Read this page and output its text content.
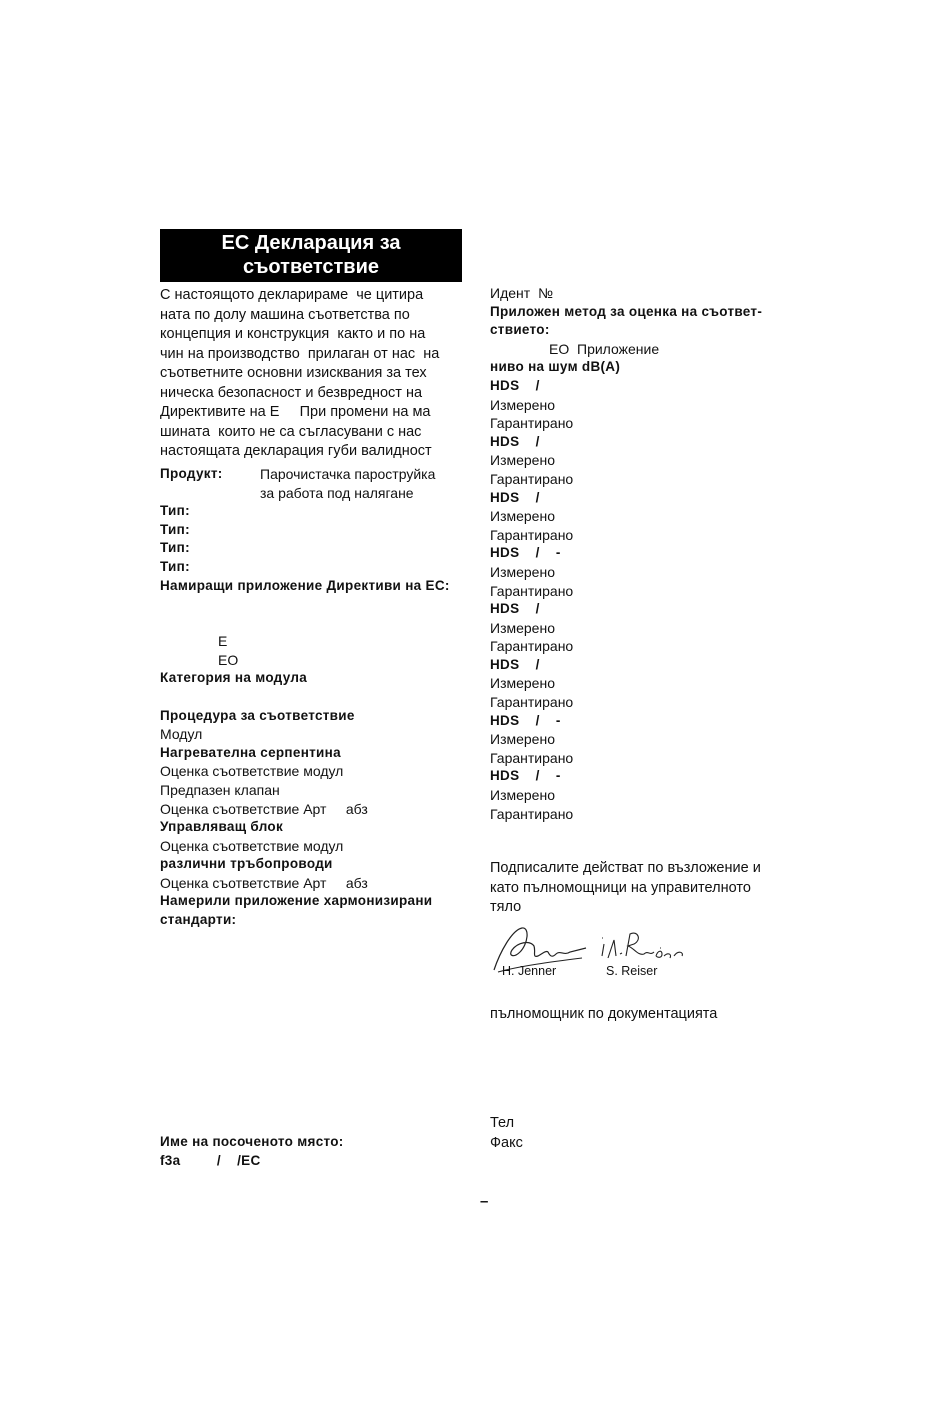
ЕС Декларация за
съответствие
С настоящото декларираме  че цитира
ната по долу машина съответства по
концепция и конструкция  както и по на
чин на производство  прилаган от нас  на
съответните основни изисквания за тех
ническа безопасност и безвредност на
Директивите на Е     При промени на ма
шината  които не са съгласувани с нас
настоящата декларация губи валидност
Продукт:	Парочистачка пароструйка
за работа под налягане
Тип:
Тип:
Тип:
Тип:
Намиращи приложение Директиви на ЕС:
Е
ЕО
Категория на модула
Процедура за съответствие
Модул
Нагревателна серпентина
Оценка съответствие модул
Предпазен клапан
Оценка съответствие Арт     абз
Управляващ блок
Оценка съответствие модул
различни тръбопроводи
Оценка съответствие Арт     абз
Намерили приложение хармонизирани
стандарти:
Име на посоченото място:
f3a         /    /EC
Идент  №
Приложен метод за оценка на съответ-
ствието:
ЕО  Приложение
ниво на шум dB(A)
HDS    /
Измерено
Гарантирано
HDS    /
Измерено
Гарантирано
HDS    /
Измерено
Гарантирано
HDS    /    -
Измерено
Гарантирано
HDS    /
Измерено
Гарантирано
HDS    /
Измерено
Гарантирано
HDS    /    -
Измерено
Гарантирано
HDS    /    -
Измерено
Гарантирано
Подписалите действат по възложение и
като пълномощници на управителното
тяло
H. Jenner	S. Reiser
пълномощник по документацията
Тел
Факс
–
